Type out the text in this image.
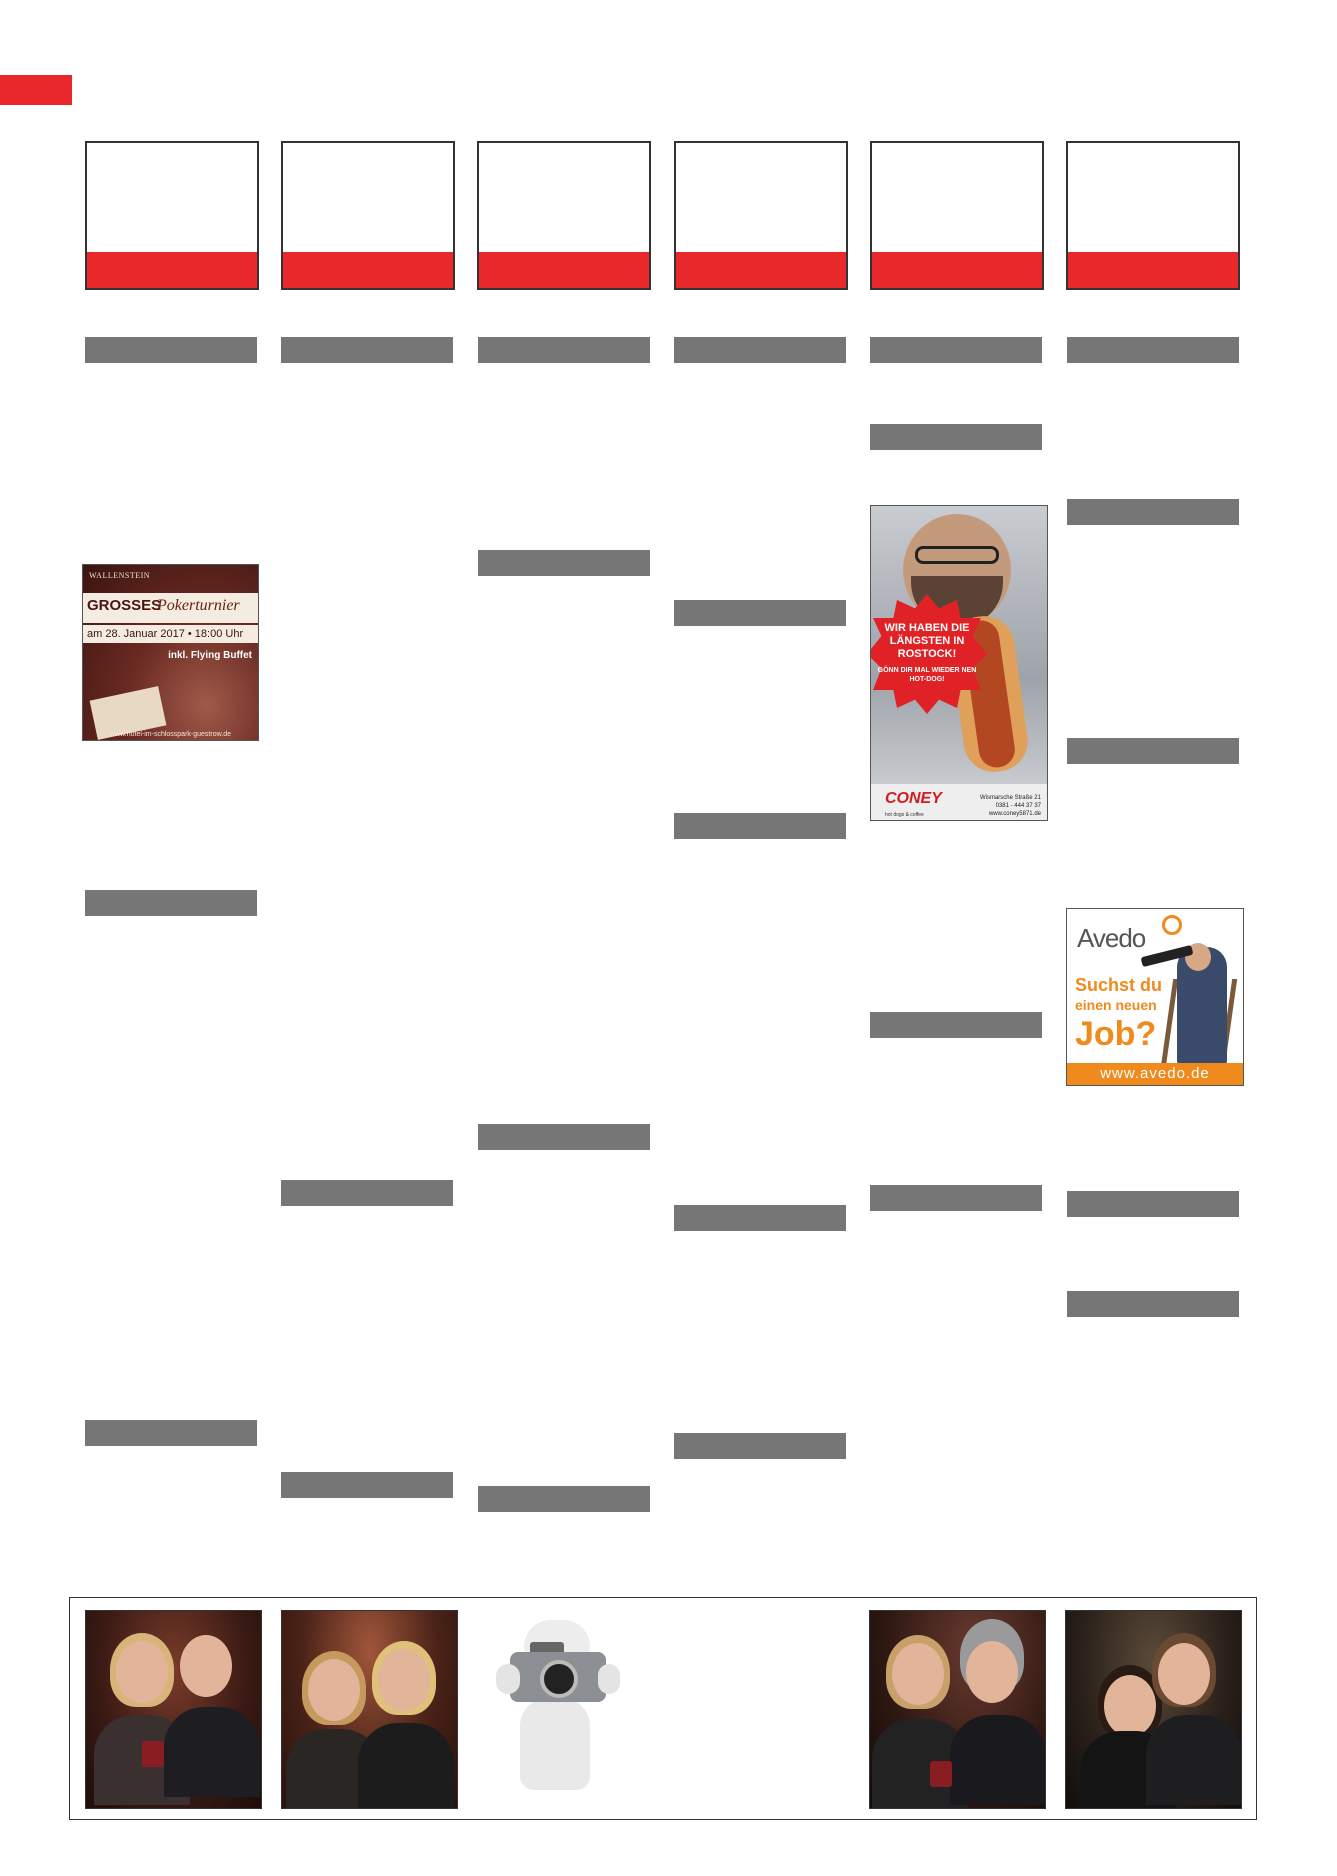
WALLENSTEIN
GROSSES
Pokerturnier
am 28. Januar 2017 • 18:00 Uhr
inkl. Flying Buffet
www.hotel-im-schlosspark-guestrow.de
WIR HABEN DIE LÄNGSTEN IN ROSTOCK!
GÖNN DIR MAL WIEDER NEN HOT-DOG!
CONEY
hot dogs & coffee
Wismarsche Straße 21
0381 - 444 37 37
www.coney5871.de
Avedo
Suchst du
einen neuen
Job?
www.avedo.de
